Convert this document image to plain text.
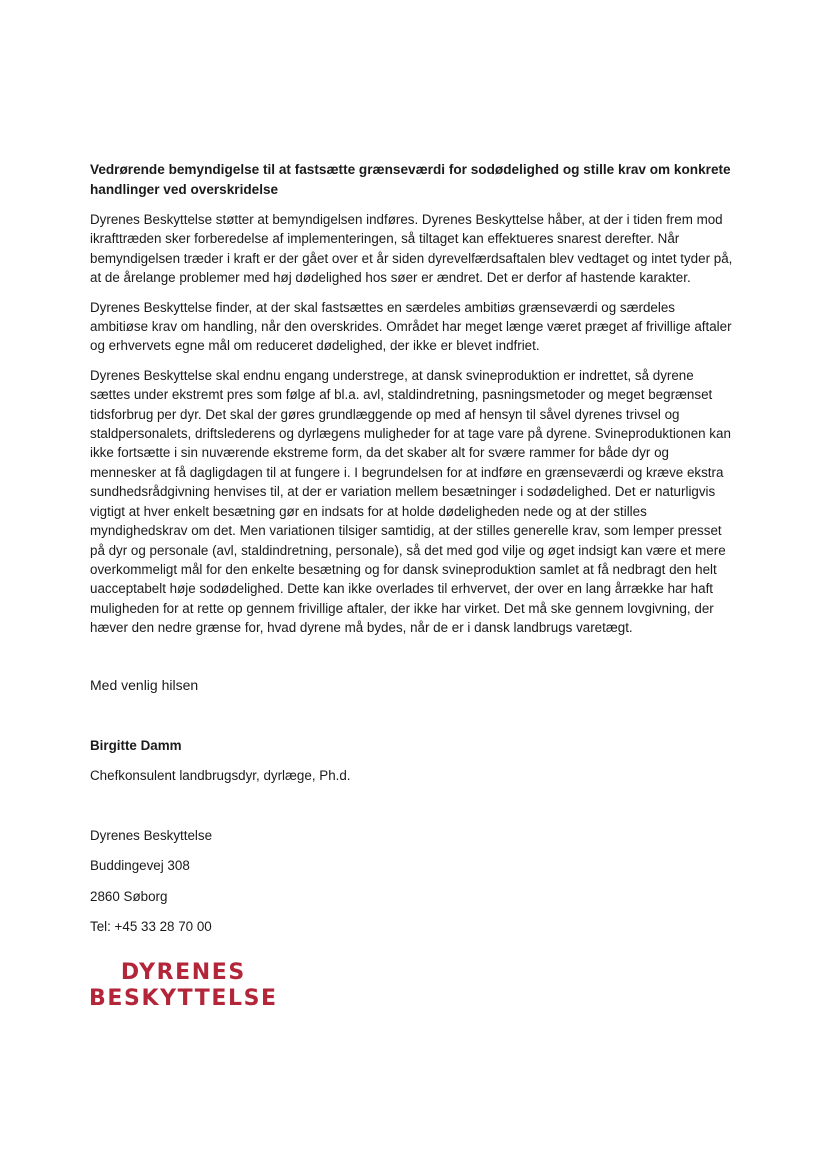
Vedrørende bemyndigelse til at fastsætte grænseværdi for sodødelighed og stille krav om konkrete handlinger ved overskridelse

Dyrenes Beskyttelse støtter at bemyndigelsen indføres. Dyrenes Beskyttelse håber, at der i tiden frem mod ikrafttræden sker forberedelse af implementeringen, så tiltaget kan effektueres snarest derefter. Når bemyndigelsen træder i kraft er der gået over et år siden dyrevelfærdsaftalen blev vedtaget og intet tyder på, at de årelange problemer med høj dødelighed hos søer er ændret. Det er derfor af hastende karakter.

Dyrenes Beskyttelse finder, at der skal fastsættes en særdeles ambitiøs grænseværdi og særdeles ambitiøse krav om handling, når den overskrides. Området har meget længe været præget af frivillige aftaler og erhvervets egne mål om reduceret dødelighed, der ikke er blevet indfriet.

Dyrenes Beskyttelse skal endnu engang understrege, at dansk svineproduktion er indrettet, så dyrene sættes under ekstremt pres som følge af bl.a. avl, staldindretning, pasningsmetoder og meget begrænset tidsforbrug per dyr. Det skal der gøres grundlæggende op med af hensyn til såvel dyrenes trivsel og staldpersonalets, driftslederens og dyrlægens muligheder for at tage vare på dyrene. Svineproduktionen kan ikke fortsætte i sin nuværende ekstreme form, da det skaber alt for svære rammer for både dyr og mennesker at få dagligdagen til at fungere i. I begrundelsen for at indføre en grænseværdi og kræve ekstra sundhedsrådgivning henvises til, at der er variation mellem besætninger i sodødelighed. Det er naturligvis vigtigt at hver enkelt besætning gør en indsats for at holde dødeligheden nede og at der stilles myndighedskrav om det. Men variationen tilsiger samtidig, at der stilles generelle krav, som lemper presset på dyr og personale (avl, staldindretning, personale), så det med god vilje og øget indsigt kan være et mere overkommeligt mål for den enkelte besætning og for dansk svineproduktion samlet at få nedbragt den helt uacceptabelt høje sodødelighed. Dette kan ikke overlades til erhvervet, der over en lang årrække har haft muligheden for at rette op gennem frivillige aftaler, der ikke har virket. Det må ske gennem lovgivning, der hæver den nedre grænse for, hvad dyrene må bydes, når de er i dansk landbrugs varetægt.

Med venlig hilsen
Birgitte Damm
Chefkonsulent landbrugsdyr, dyrlæge, Ph.d.
Dyrenes Beskyttelse
Buddingevej 308
2860 Søborg
Tel: +45 33 28 70 00
DYRENES
BESKYTTELSE
